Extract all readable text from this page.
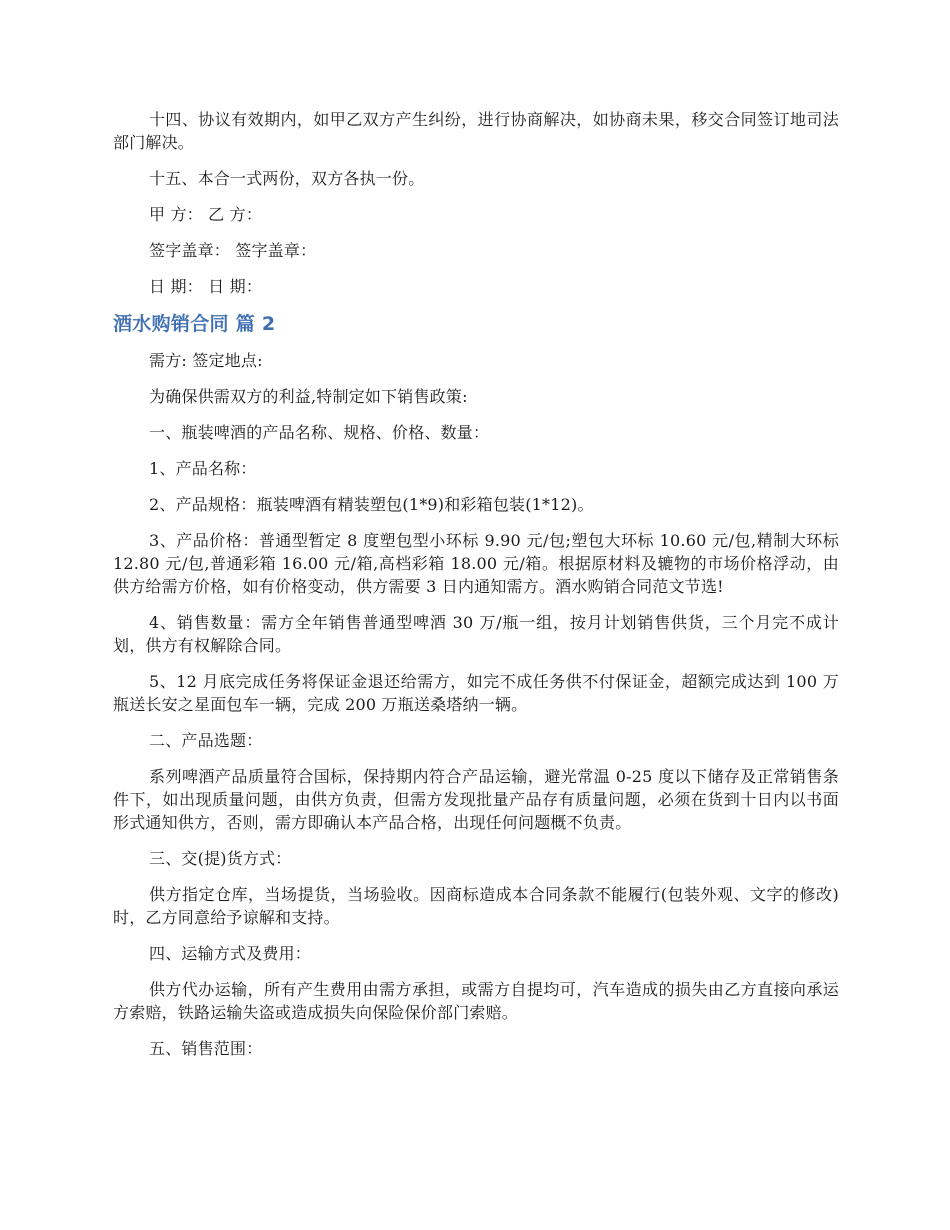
十四、协议有效期内，如甲乙双方产生纠纷，进行协商解决，如协商未果，移交合同签订地司法部门解决。

十五、本合一式两份，双方各执一份。

甲 方： 乙 方：

签字盖章： 签字盖章：

日 期： 日 期：

酒水购销合同 篇 2

需方: 签定地点:

为确保供需双方的利益,特制定如下销售政策:

一、瓶装啤酒的产品名称、规格、价格、数量：

1、产品名称：

2、产品规格：瓶装啤酒有精装塑包(1*9)和彩箱包装(1*12)。

3、产品价格：普通型暂定 8 度塑包型小环标 9.90 元/包;塑包大环标 10.60 元/包,精制大环标 12.80 元/包,普通彩箱 16.00 元/箱,高档彩箱 18.00 元/箱。根据原材料及辘物的市场价格浮动，由供方给需方价格，如有价格变动，供方需要 3 日内通知需方。酒水购销合同范文节选!

4、销售数量：需方全年销售普通型啤酒 30 万/瓶一组，按月计划销售供货，三个月完不成计划，供方有权解除合同。

5、12 月底完成任务将保证金退还给需方，如完不成任务供不付保证金，超额完成达到 100 万瓶送长安之星面包车一辆，完成 200 万瓶送桑塔纳一辆。

二、产品选题：

系列啤酒产品质量符合国标，保持期内符合产品运输，避光常温 0-25 度以下储存及正常销售条件下，如出现质量问题，由供方负责，但需方发现批量产品存有质量问题，必须在货到十日内以书面形式通知供方，否则，需方即确认本产品合格，出现任何问题概不负责。

三、交(提)货方式：

供方指定仓库，当场提货，当场验收。因商标造成本合同条款不能履行(包装外观、文字的修改)时，乙方同意给予谅解和支持。

四、运输方式及费用：

供方代办运输，所有产生费用由需方承担，或需方自提均可，汽车造成的损失由乙方直接向承运方索赔，铁路运输失盗或造成损失向保险保价部门索赔。

五、销售范围：
